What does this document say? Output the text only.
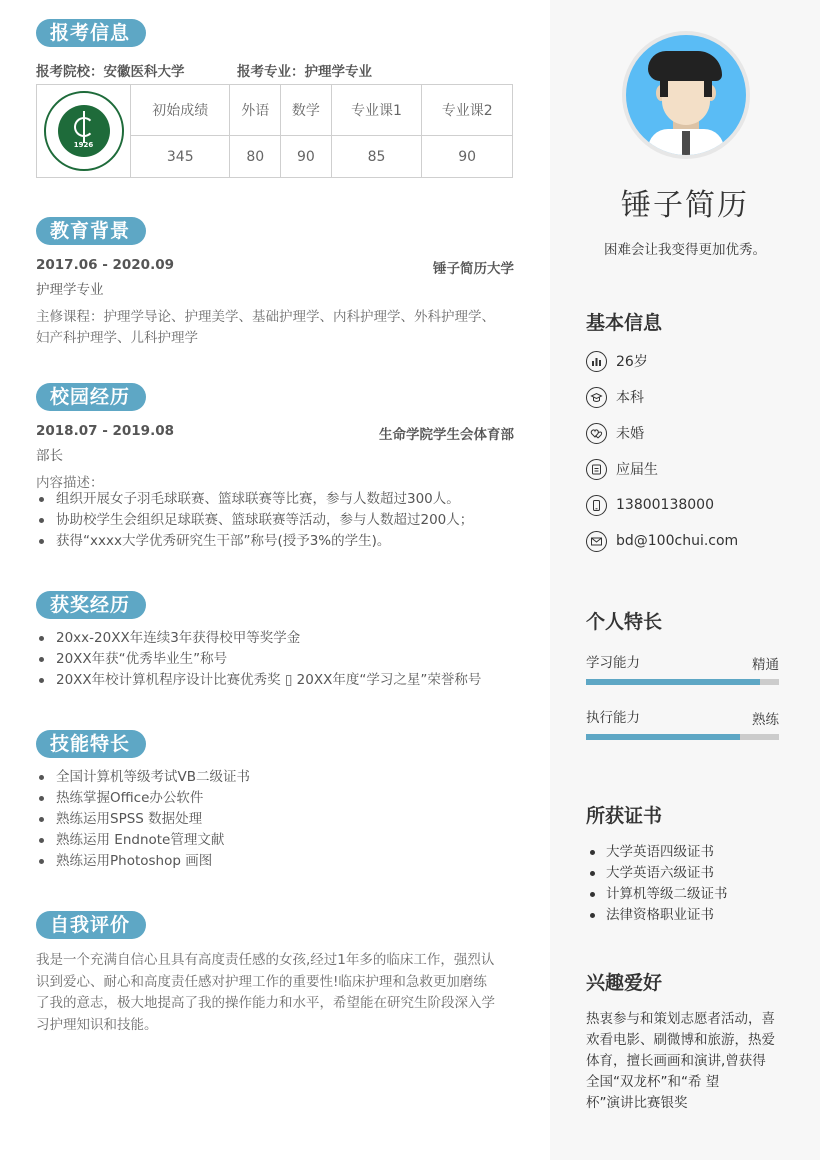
报考信息
报考院校：安徽医科大学	报考专业：护理学专业
1926	初始成绩	外语	数学	专业课1	专业课2
	345	80	90	85	90
教育背景
2017.06 - 2020.09	锤子简历大学
护理学专业
主修课程：护理学导论、护理美学、基础护理学、内科护理学、外科护理学、
妇产科护理学、儿科护理学
校园经历
2018.07 - 2019.08	生命学院学生会体育部
部长
内容描述：
组织开展女子羽毛球联赛、篮球联赛等比赛，参与人数超过300人。
协助校学生会组织足球联赛、篮球联赛等活动，参与人数超过200人；
获得“xxxx大学优秀研究生干部”称号(授予3%的学生)。
获奖经历
20xx-20XX年连续3年获得校甲等奖学金
20XX年获“优秀毕业生”称号
20XX年校计算机程序设计比赛优秀奖 ▯ 20XX年度“学习之星”荣誉称号
技能特长
全国计算机等级考试VB二级证书
热练掌握Office办公软件
熟练运用SPSS 数据处理
熟练运用 Endnote管理文献
熟练运用Photoshop 画图
自我评价
我是一个充满自信心且具有高度责任感的女孩,经过1年多的临床工作，强烈认
识到爱心、耐心和高度责任感对护理工作的重要性!临床护理和急救更加磨练
了我的意志，极大地提高了我的操作能力和水平，希望能在研究生阶段深入学
习护理知识和技能。
锤子简历
困难会让我变得更加优秀。
基本信息
26岁
本科
未婚
应届生
13800138000
bd@100chui.com
个人特长
学习能力	精通
执行能力	熟练
所获证书
大学英语四级证书
大学英语六级证书
计算机等级二级证书
法律资格职业证书
兴趣爱好
热衷参与和策划志愿者活动，喜
欢看电影、刷微博和旅游，热爱
体育，擅长画画和演讲,曾获得
全国“双龙杯”和“希 望
杯”演讲比赛银奖
